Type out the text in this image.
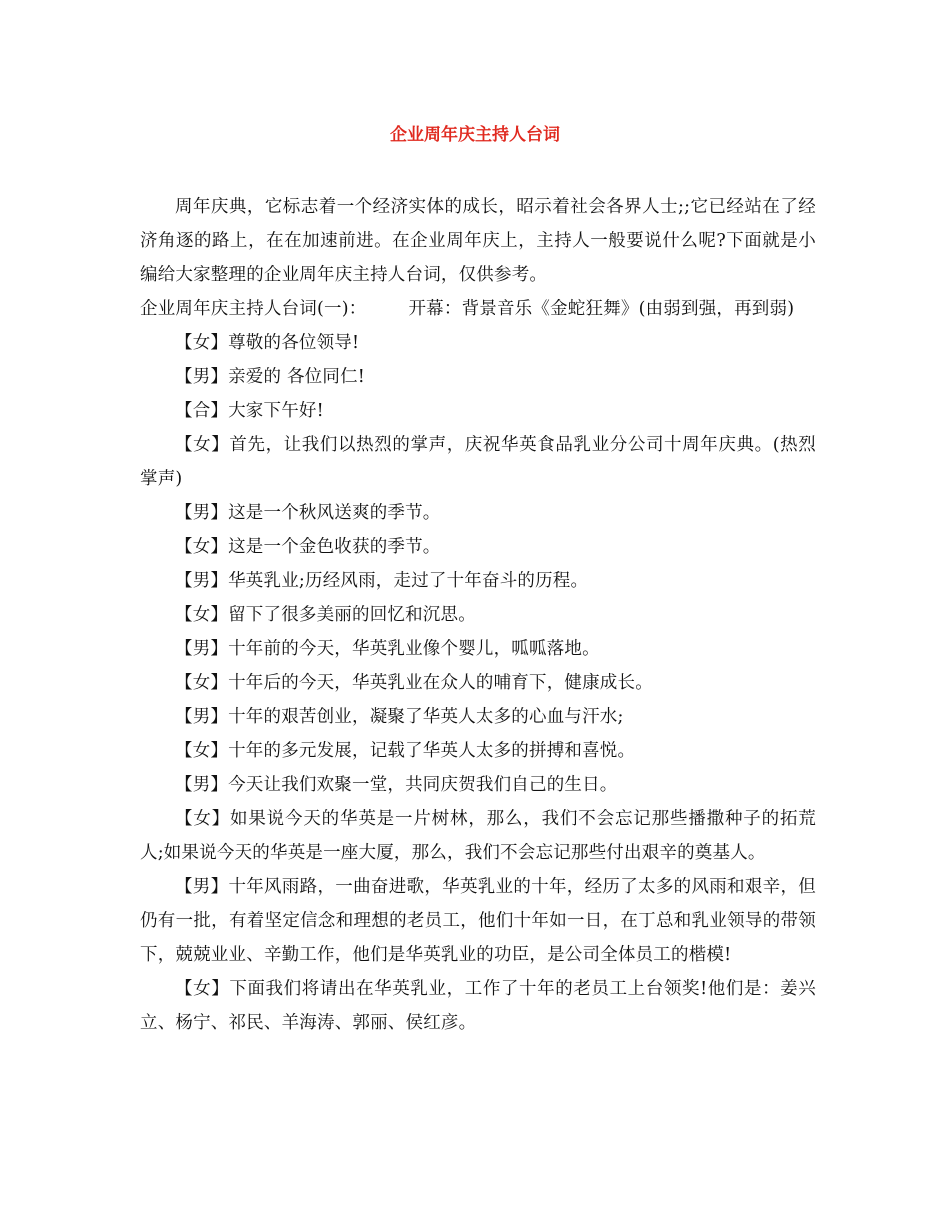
企业周年庆主持人台词

周年庆典，它标志着一个经济实体的成长，昭示着社会各界人士;;它已经站在了经济角逐的路上，在在加速前进。在企业周年庆上，主持人一般要说什么呢?下面就是小编给大家整理的企业周年庆主持人台词，仅供参考。

企业周年庆主持人台词(一)： 开幕：背景音乐《金蛇狂舞》(由弱到强，再到弱)

【女】尊敬的各位领导!

【男】亲爱的 各位同仁!

【合】大家下午好!

【女】首先，让我们以热烈的掌声，庆祝华英食品乳业分公司十周年庆典。(热烈掌声)

【男】这是一个秋风送爽的季节。

【女】这是一个金色收获的季节。

【男】华英乳业;历经风雨，走过了十年奋斗的历程。

【女】留下了很多美丽的回忆和沉思。

【男】十年前的今天，华英乳业像个婴儿，呱呱落地。

【女】十年后的今天，华英乳业在众人的哺育下，健康成长。

【男】十年的艰苦创业，凝聚了华英人太多的心血与汗水;

【女】十年的多元发展，记载了华英人太多的拼搏和喜悦。

【男】今天让我们欢聚一堂，共同庆贺我们自己的生日。

【女】如果说今天的华英是一片树林，那么，我们不会忘记那些播撒种子的拓荒人;如果说今天的华英是一座大厦，那么，我们不会忘记那些付出艰辛的奠基人。

【男】十年风雨路，一曲奋进歌，华英乳业的十年，经历了太多的风雨和艰辛，但仍有一批，有着坚定信念和理想的老员工，他们十年如一日，在丁总和乳业领导的带领下，兢兢业业、辛勤工作，他们是华英乳业的功臣，是公司全体员工的楷模!

【女】下面我们将请出在华英乳业，工作了十年的老员工上台领奖!他们是：姜兴立、杨宁、祁民、羊海涛、郭丽、侯红彦。
